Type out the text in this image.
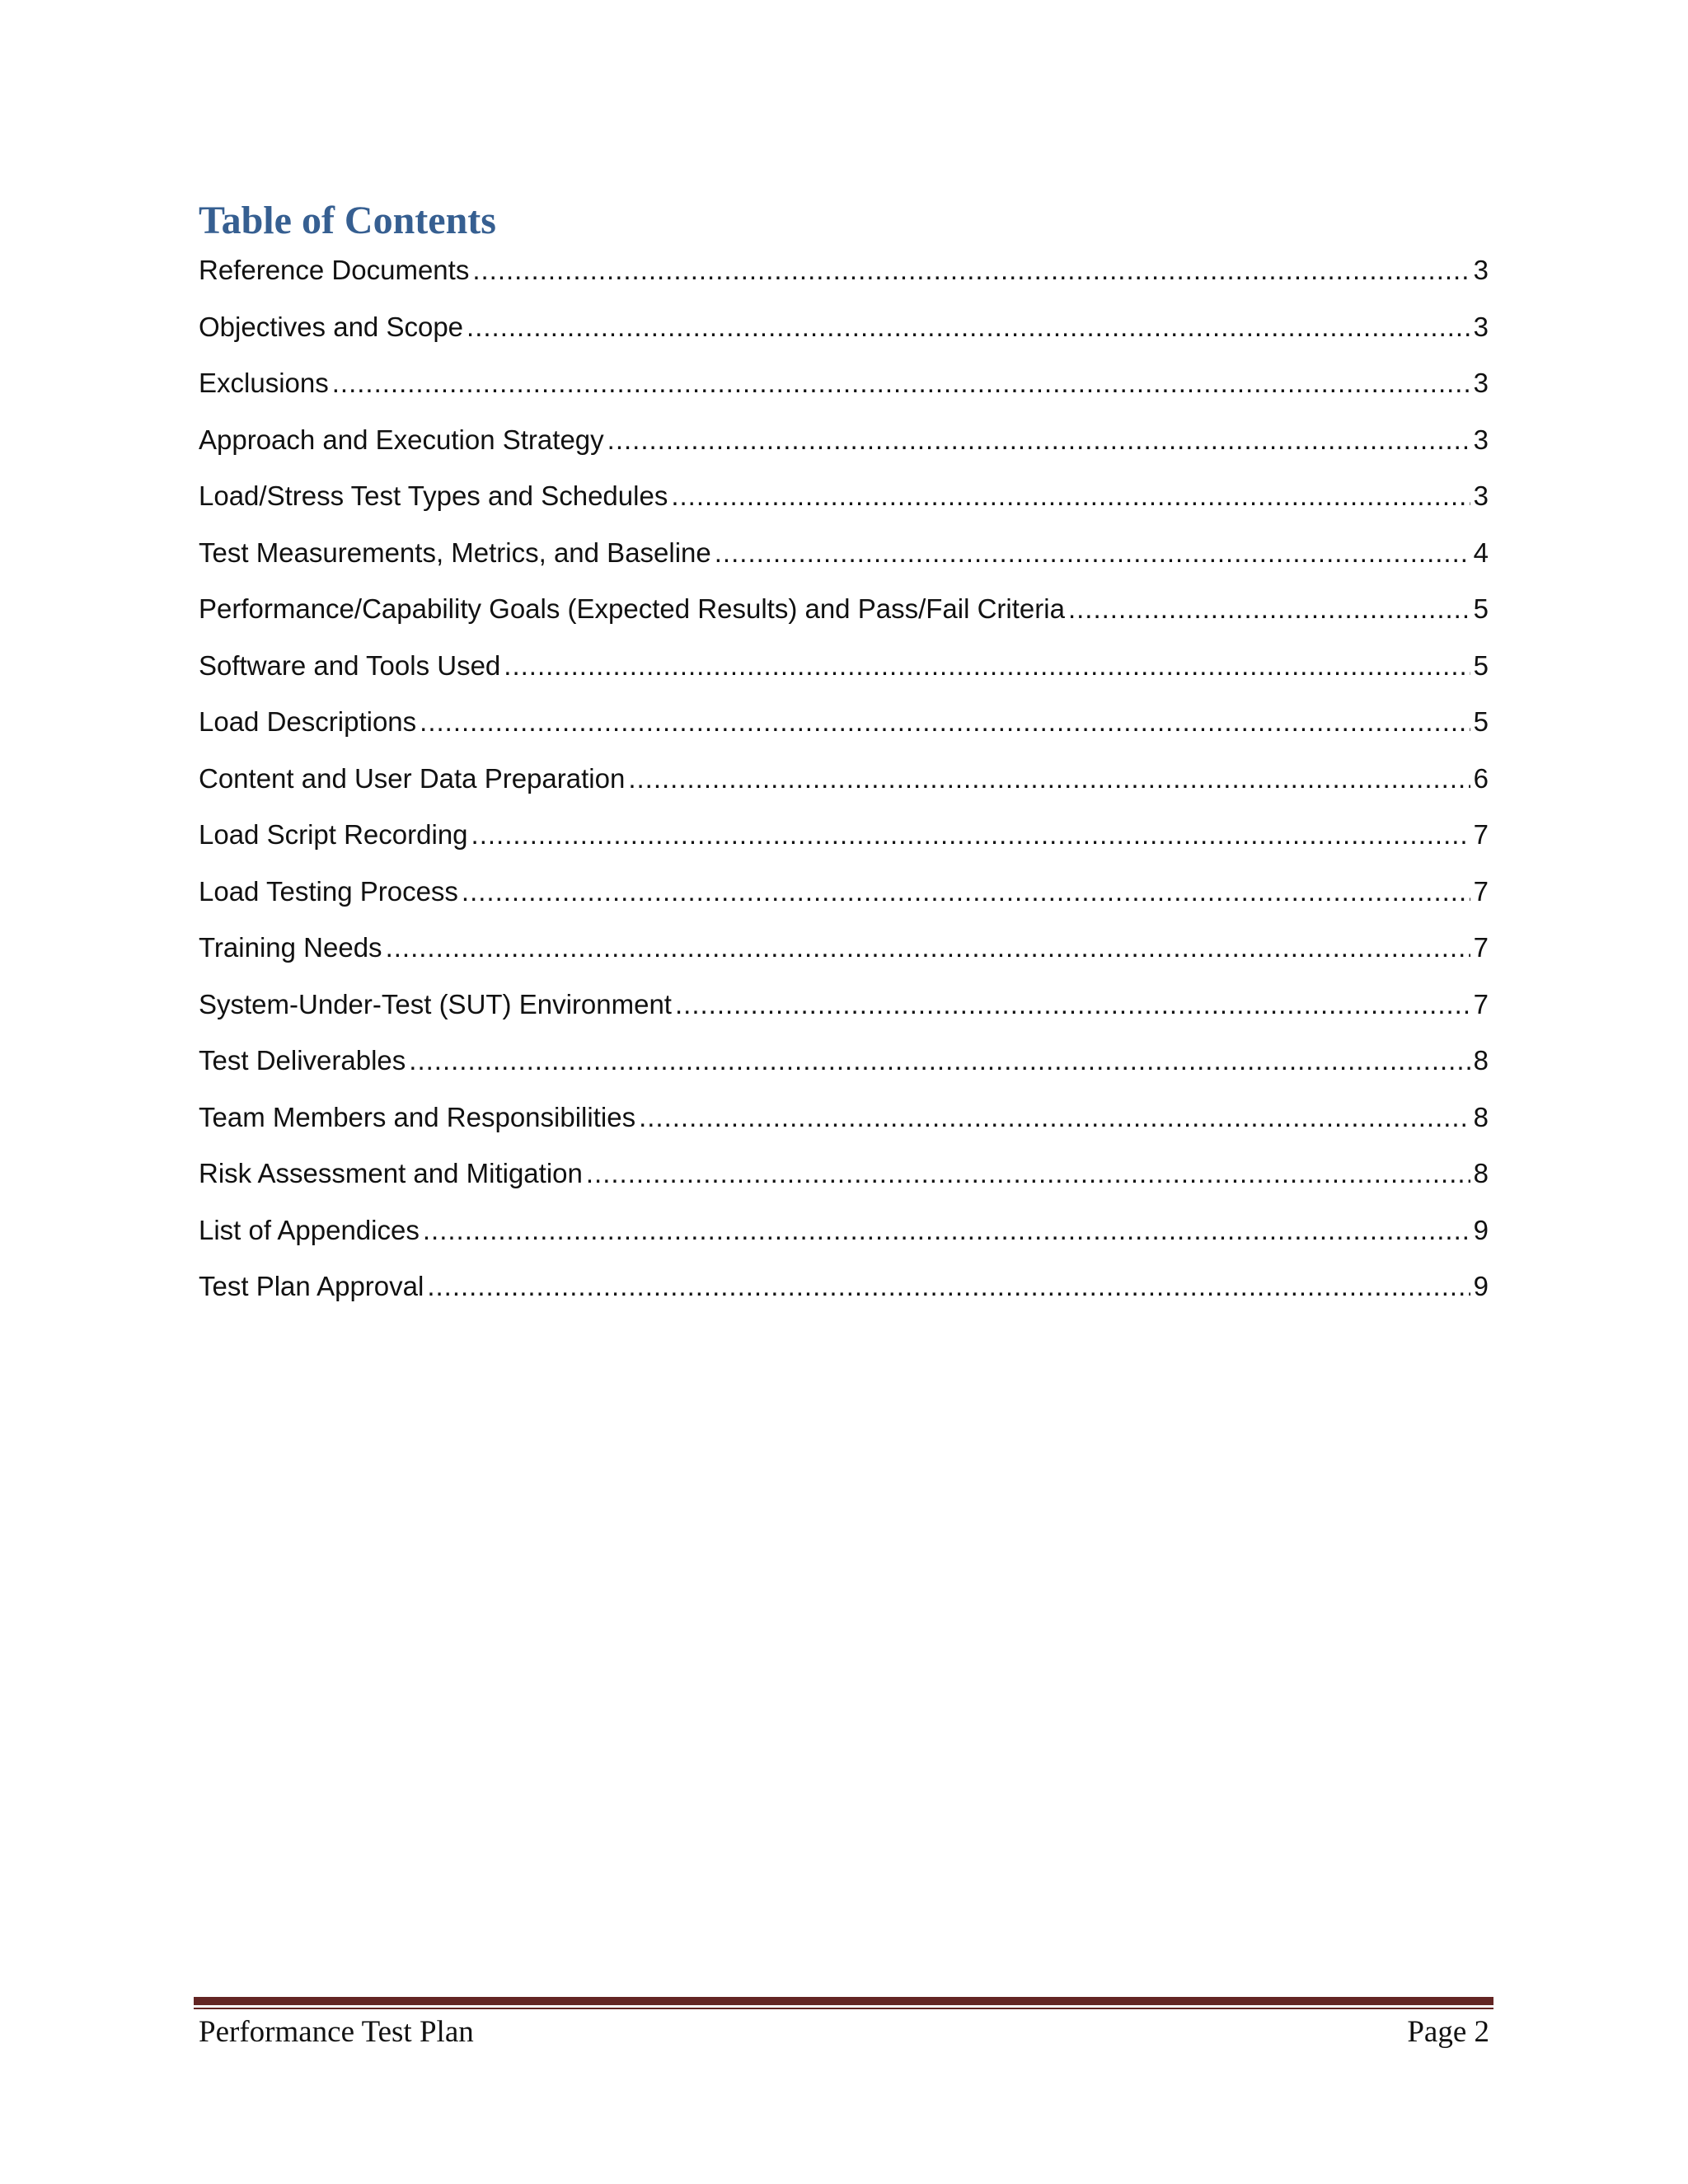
Table of Contents
Reference Documents .....	3
Objectives and Scope .....	3
Exclusions .....	3
Approach and Execution Strategy .....	3
Load/Stress Test Types and Schedules .....	3
Test Measurements, Metrics, and Baseline .....	4
Performance/Capability Goals (Expected Results) and Pass/Fail Criteria .....	5
Software and Tools Used .....	5
Load Descriptions .....	5
Content and User Data Preparation .....	6
Load Script Recording .....	7
Load Testing Process .....	7
Training Needs .....	7
System-Under-Test (SUT) Environment .....	7
Test Deliverables .....	8
Team Members and Responsibilities .....	8
Risk Assessment and Mitigation .....	8
List of Appendices .....	9
Test Plan Approval .....	9
Performance Test Plan	Page 2
